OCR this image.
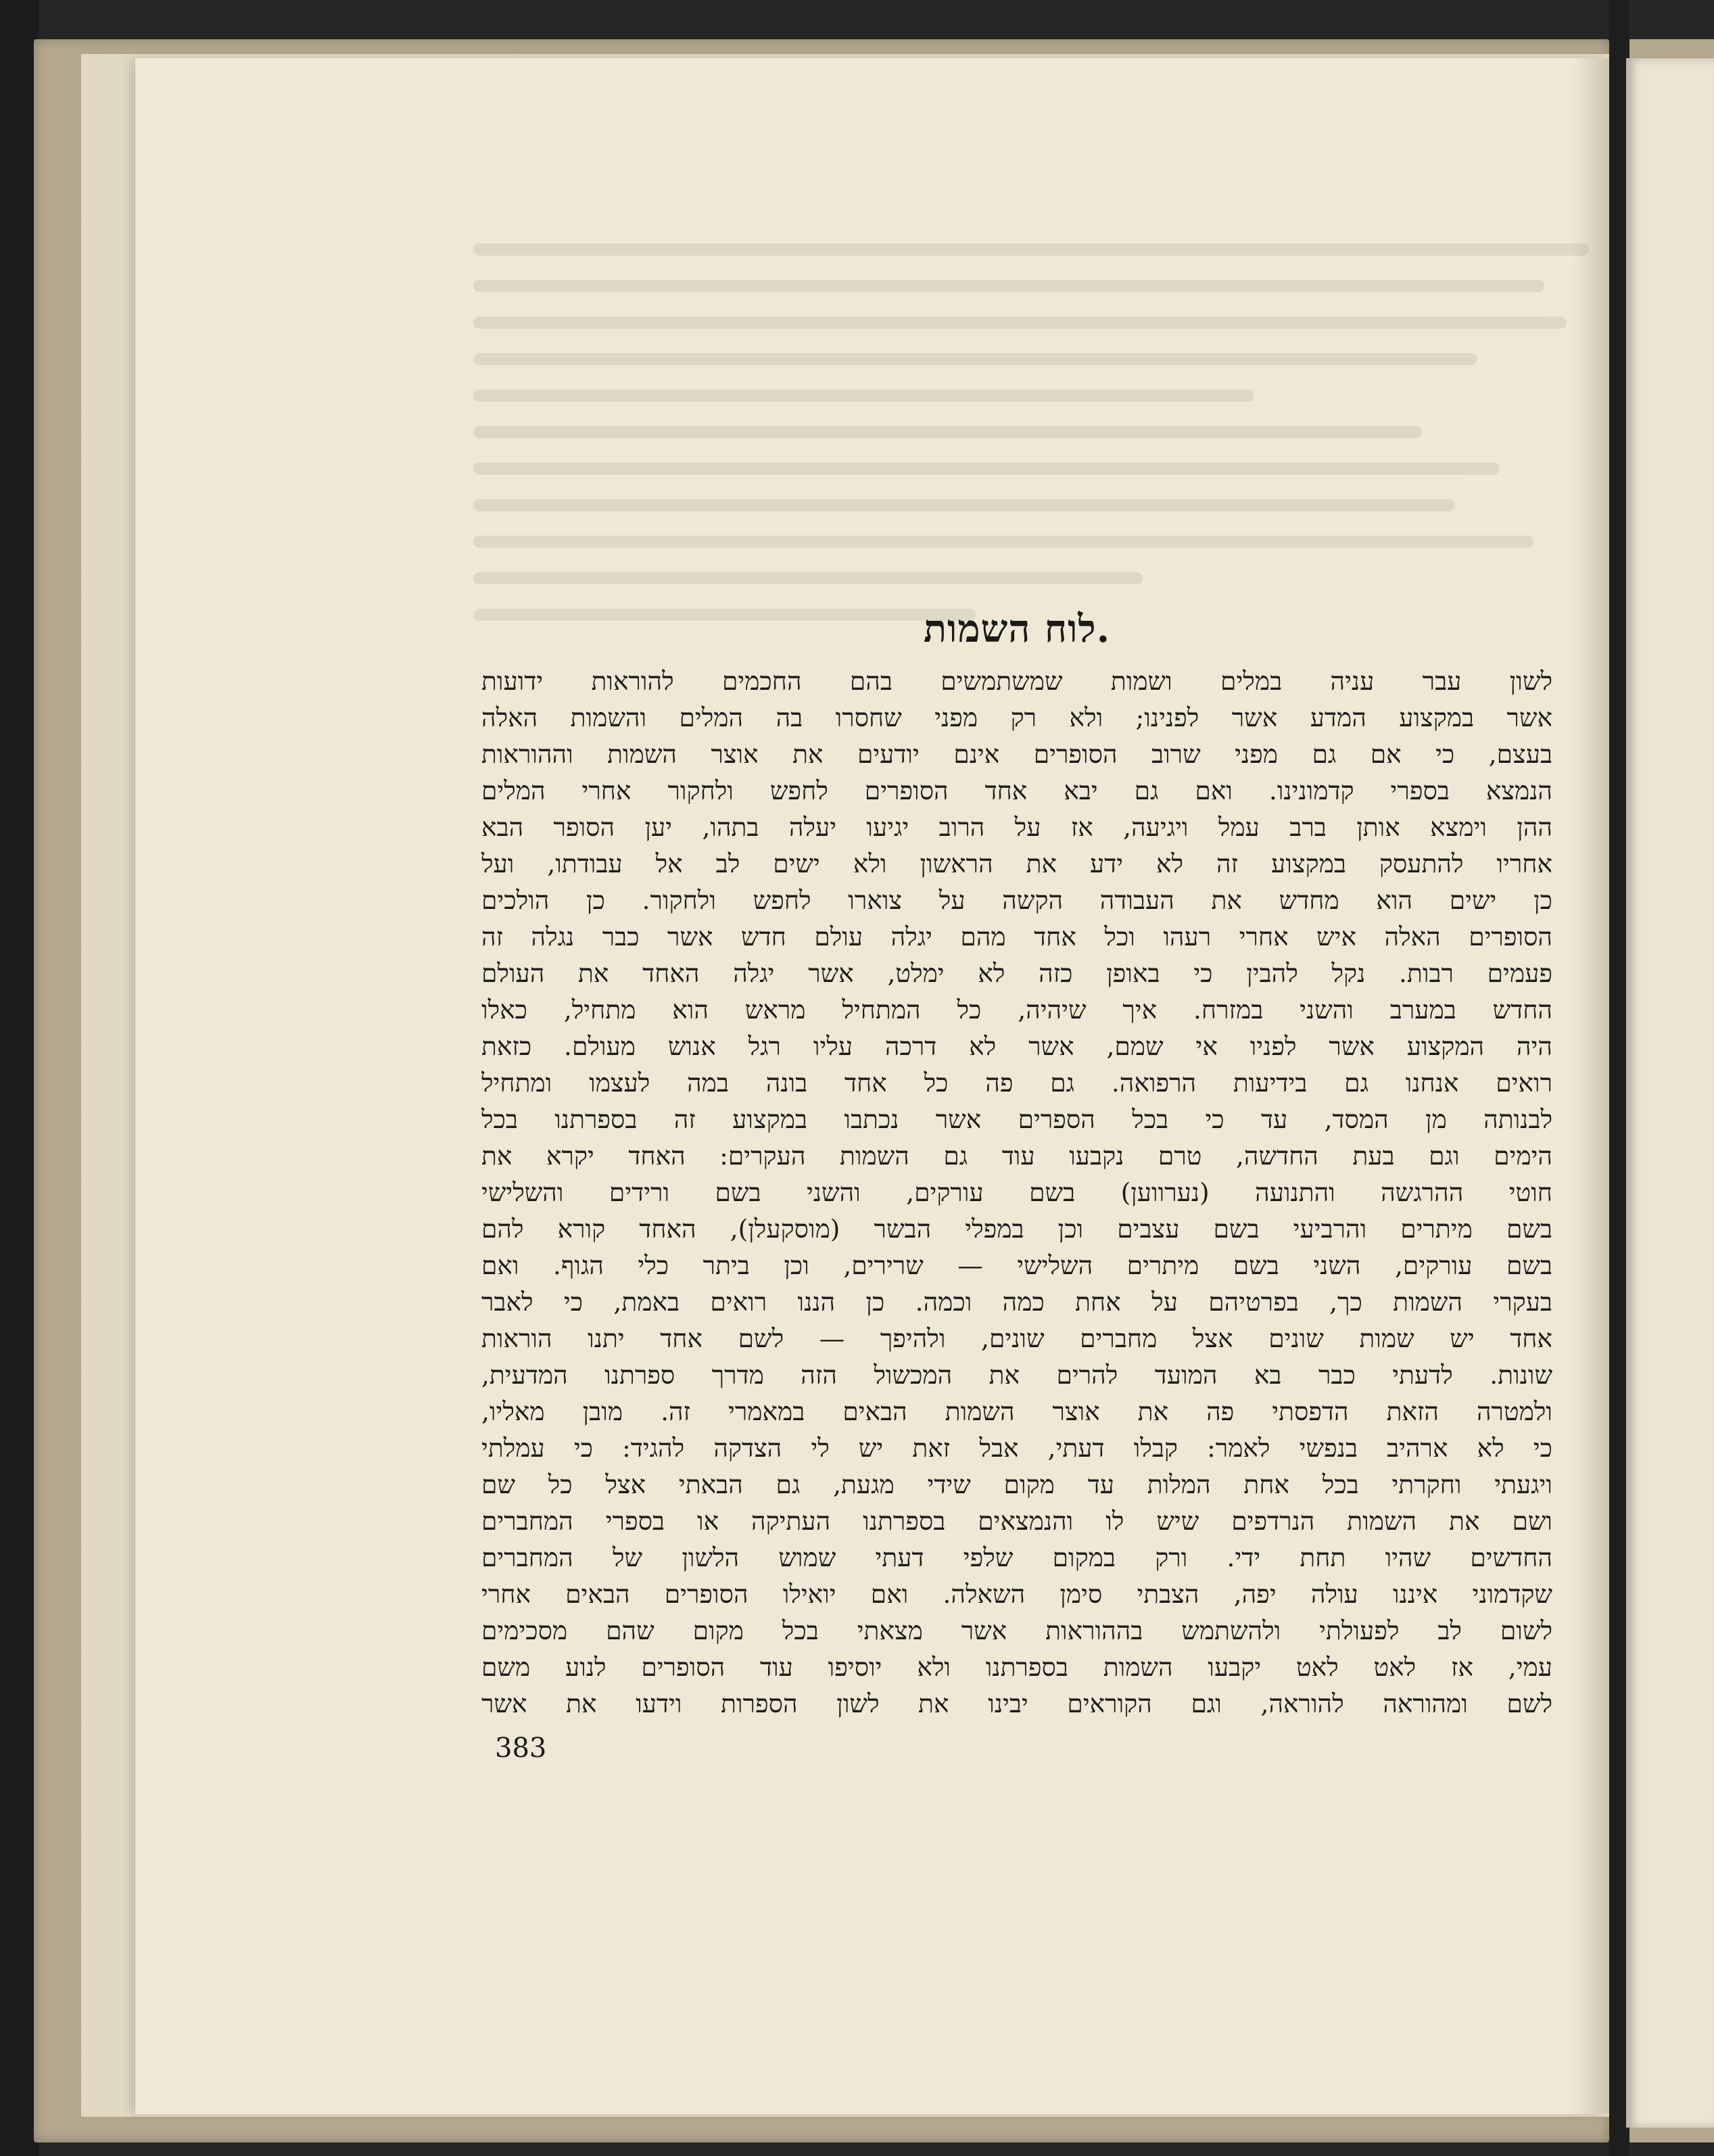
לוח השמות.
לשון עבר עניה במלים ושמות שמשתמשים בהם החכמים להוראות ידועות
אשר במקצוע המדע אשר לפנינו; ולא רק מפני שחסרו בה המלים והשמות האלה
בעצם, כי אם גם מפני שרוב הסופרים אינם יודעים את אוצר השמות וההוראות
הנמצא בספרי קדמונינו. ואם גם יבא אחד הסופרים לחפש ולחקור אחרי המלים
ההן וימצא אותן ברב עמל ויגיעה, אז על הרוב יגיעו יעלה בתהו, יען הסופר הבא
אחריו להתעסק במקצוע זה לא ידע את הראשון ולא ישים לב אל עבודתו, ועל
כן ישים הוא מחדש את העבודה הקשה על צוארו לחפש ולחקור. כן הולכים
הסופרים האלה איש אחרי רעהו וכל אחד מהם יגלה עולם חדש אשר כבר נגלה זה
פעמים רבות. נקל להבין כי באופן כזה לא ימלט, אשר יגלה האחד את העולם
החדש במערב והשני במזרח. איך שיהיה, כל המתחיל מראש הוא מתחיל, כאלו
היה המקצוע אשר לפניו אי שמם, אשר לא דרכה עליו רגל אנוש מעולם. כזאת
רואים אנחנו גם בידיעות הרפואה. גם פה כל אחד בונה במה לעצמו ומתחיל
לבנותה מן המסד, עד כי בכל הספרים אשר נכתבו במקצוע זה בספרתנו בכל
הימים וגם בעת החדשה, טרם נקבעו עוד גם השמות העקרים: האחד יקרא את
חוטי ההרגשה והתנועה (נערווען) בשם עורקים, והשני בשם ורידים והשלישי
בשם מיתרים והרביעי בשם עצבים וכן במפלי הבשר (מוסקעלן), האחד קורא להם
בשם עורקים, השני בשם מיתרים השלישי — שרירים, וכן ביתר כלי הגוף. ואם
בעקרי השמות כך, בפרטיהם על אחת כמה וכמה. כן הננו רואים באמת, כי לאבר
אחד יש שמות שונים אצל מחברים שונים, ולהיפך — לשם אחד יתנו הוראות
שונות. לדעתי כבר בא המועד להרים את המכשול הזה מדרך ספרתנו המדעית,
ולמטרה הזאת הדפסתי פה את אוצר השמות הבאים במאמרי זה. מובן מאליו,
כי לא ארהיב בנפשי לאמר: קבלו דעתי, אבל זאת יש לי הצדקה להגיד: כי עמלתי
ויגעתי וחקרתי בכל אחת המלות עד מקום שידי מגעת, גם הבאתי אצל כל שם
ושם את השמות הנרדפים שיש לו והנמצאים בספרתנו העתיקה או בספרי המחברים
החדשים שהיו תחת ידי. ורק במקום שלפי דעתי שמוש הלשון של המחברים
שקדמוני איננו עולה יפה, הצבתי סימן השאלה. ואם יואילו הסופרים הבאים אחרי
לשום לב לפעולתי ולהשתמש בההוראות אשר מצאתי בכל מקום שהם מסכימים
עמי, אז לאט לאט יקבעו השמות בספרתנו ולא יוסיפו עוד הסופרים לנוע משם
לשם ומהוראה להוראה, וגם הקוראים יבינו את לשון הספרות וידעו את אשר
383
